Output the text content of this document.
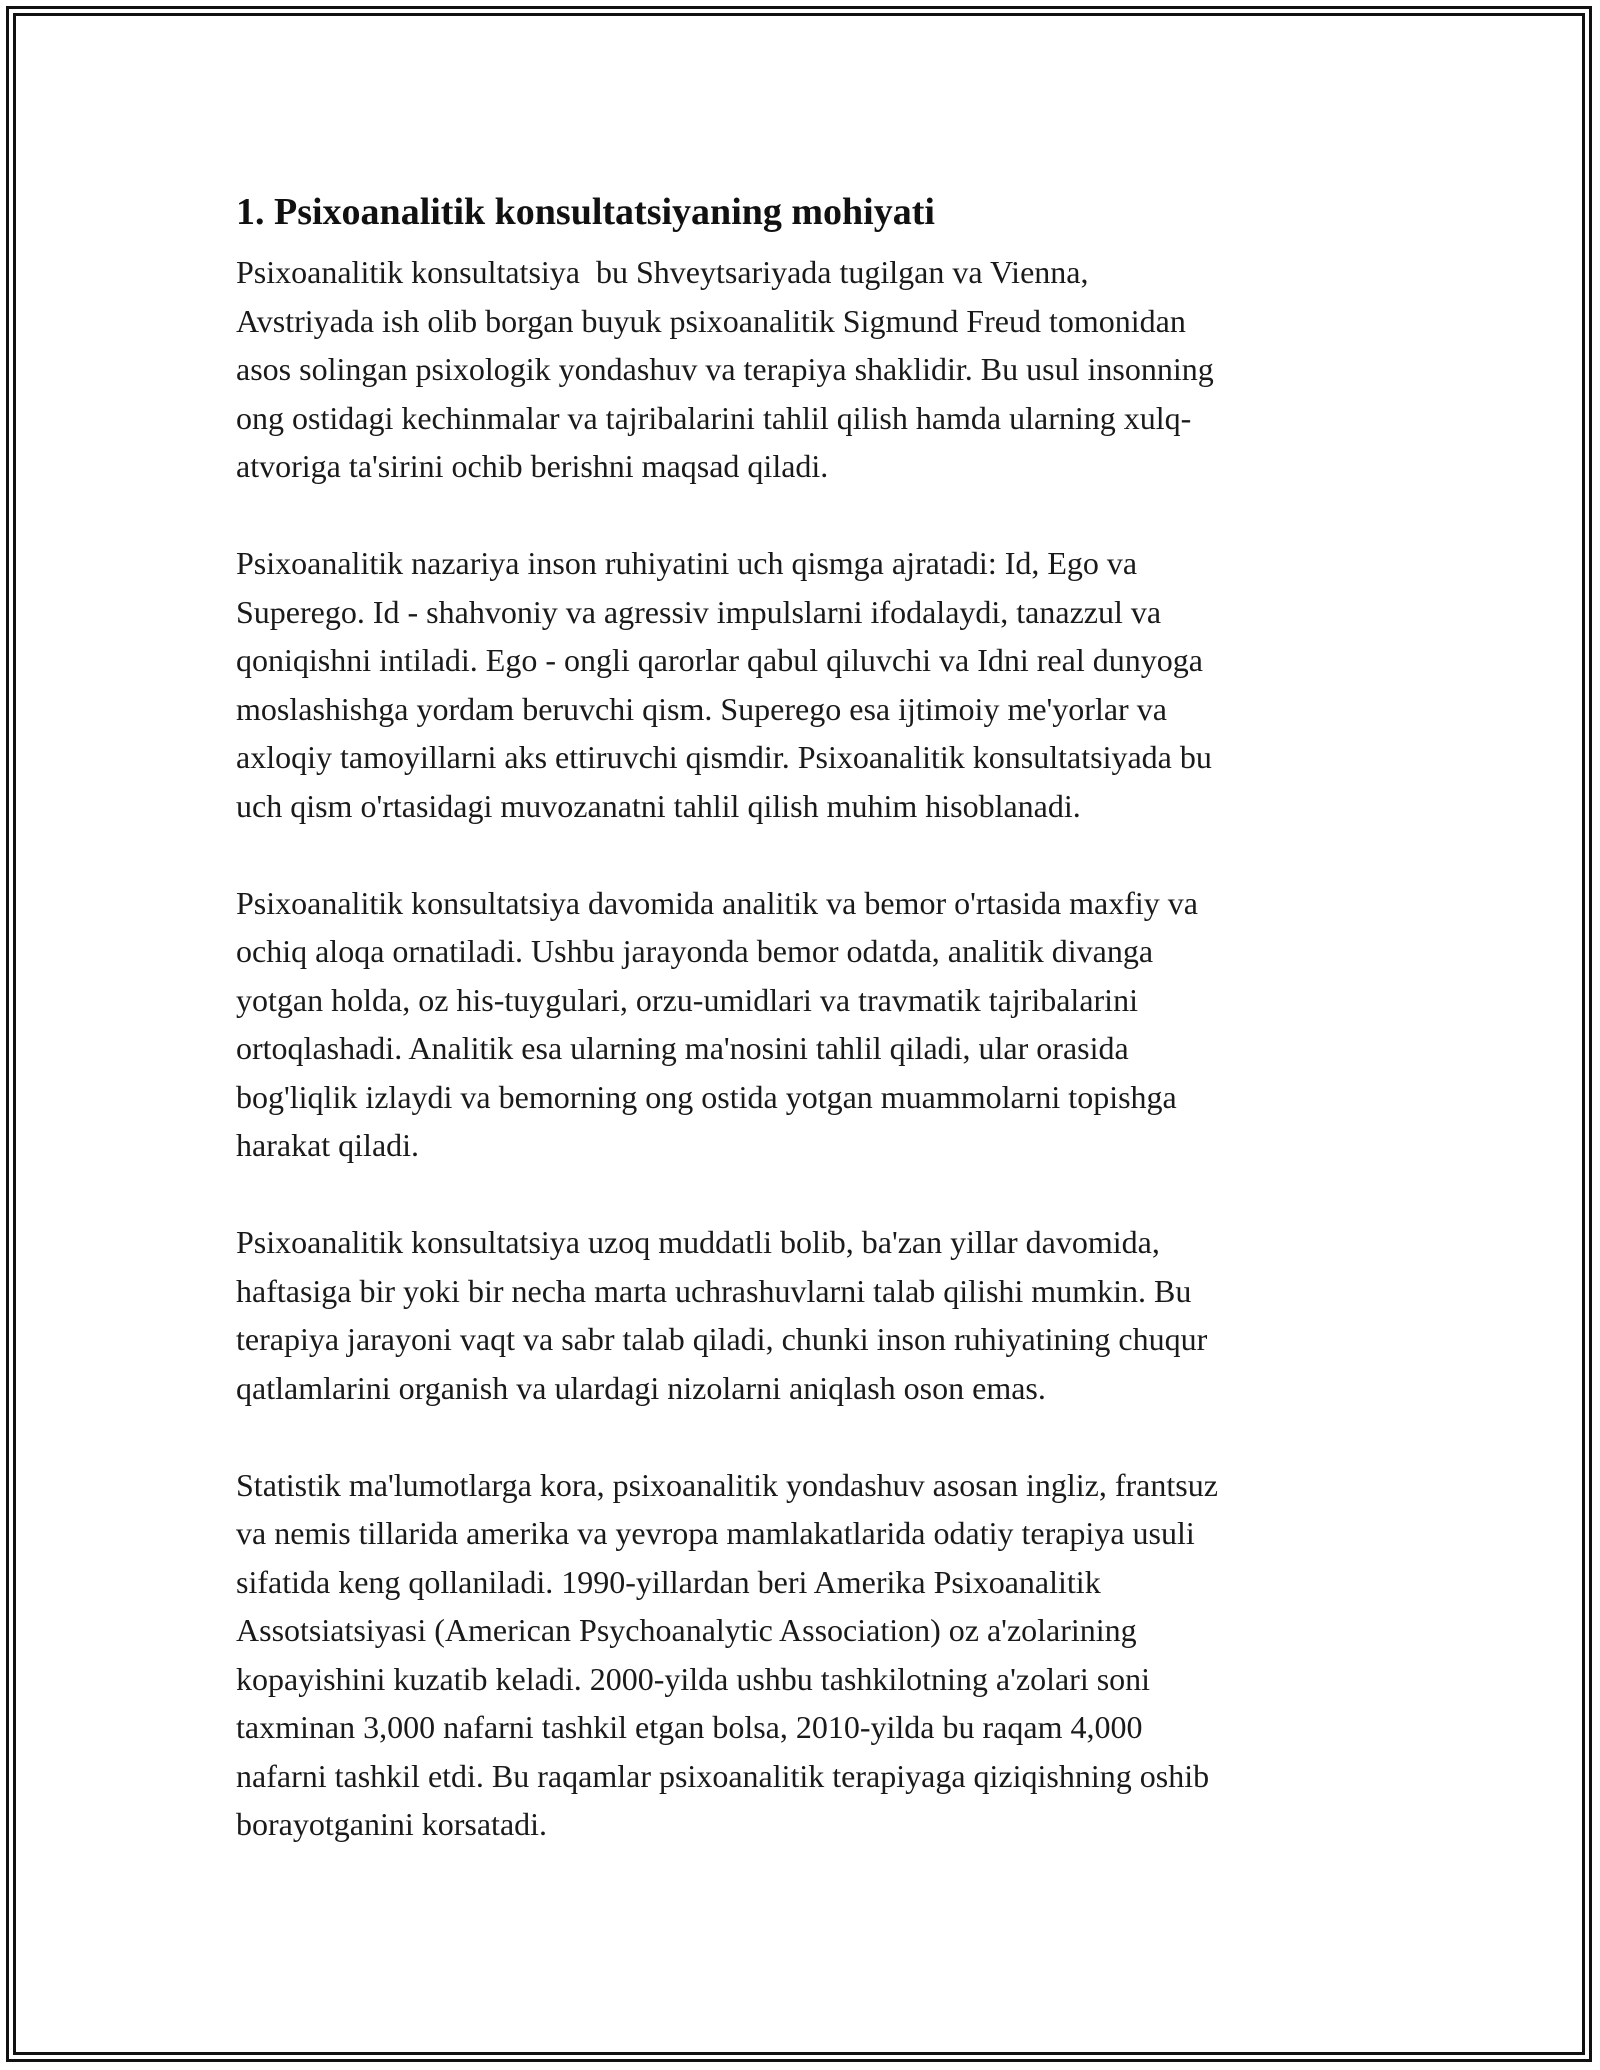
1. Psixoanalitik konsultatsiyaning mohiyati
Psixoanalitik konsultatsiya  bu Shveytsariyada tugilgan va Vienna,
Avstriyada ish olib borgan buyuk psixoanalitik Sigmund Freud tomonidan
asos solingan psixologik yondashuv va terapiya shaklidir. Bu usul insonning
ong ostidagi kechinmalar va tajribalarini tahlil qilish hamda ularning xulq-
atvoriga ta'sirini ochib berishni maqsad qiladi.
Psixoanalitik nazariya inson ruhiyatini uch qismga ajratadi: Id, Ego va
Superego. Id - shahvoniy va agressiv impulslarni ifodalaydi, tanazzul va
qoniqishni intiladi. Ego - ongli qarorlar qabul qiluvchi va Idni real dunyoga
moslashishga yordam beruvchi qism. Superego esa ijtimoiy me'yorlar va
axloqiy tamoyillarni aks ettiruvchi qismdir. Psixoanalitik konsultatsiyada bu
uch qism o'rtasidagi muvozanatni tahlil qilish muhim hisoblanadi.
Psixoanalitik konsultatsiya davomida analitik va bemor o'rtasida maxfiy va
ochiq aloqa ornatiladi. Ushbu jarayonda bemor odatda, analitik divanga
yotgan holda, oz his-tuygulari, orzu-umidlari va travmatik tajribalarini
ortoqlashadi. Analitik esa ularning ma'nosini tahlil qiladi, ular orasida
bog'liqlik izlaydi va bemorning ong ostida yotgan muammolarni topishga
harakat qiladi.
Psixoanalitik konsultatsiya uzoq muddatli bolib, ba'zan yillar davomida,
haftasiga bir yoki bir necha marta uchrashuvlarni talab qilishi mumkin. Bu
terapiya jarayoni vaqt va sabr talab qiladi, chunki inson ruhiyatining chuqur
qatlamlarini organish va ulardagi nizolarni aniqlash oson emas.
Statistik ma'lumotlarga kora, psixoanalitik yondashuv asosan ingliz, frantsuz
va nemis tillarida amerika va yevropa mamlakatlarida odatiy terapiya usuli
sifatida keng qollaniladi. 1990-yillardan beri Amerika Psixoanalitik
Assotsiatsiyasi (American Psychoanalytic Association) oz a'zolarining
kopayishini kuzatib keladi. 2000-yilda ushbu tashkilotning a'zolari soni
taxminan 3,000 nafarni tashkil etgan bolsa, 2010-yilda bu raqam 4,000
nafarni tashkil etdi. Bu raqamlar psixoanalitik terapiyaga qiziqishning oshib
borayotganini korsatadi.
